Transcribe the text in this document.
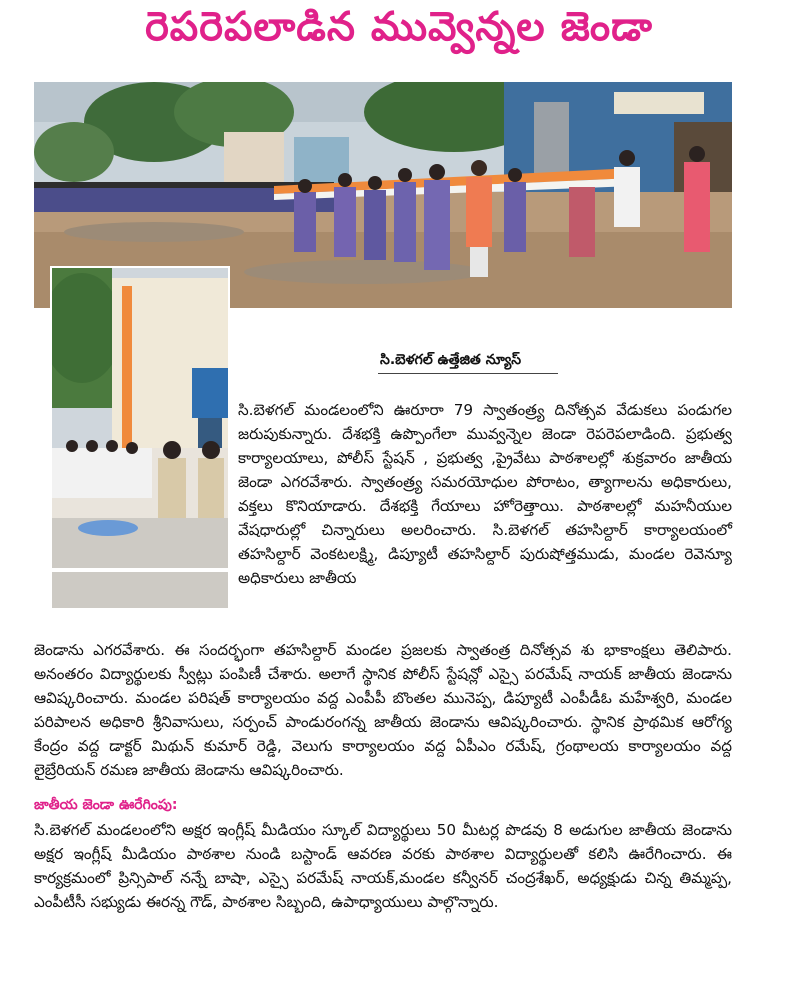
రెపరెపలాడిన మువ్వెన్నల జెండా
సి.బెళగల్ ఉత్తేజిత న్యూస్

సి.బెళగల్ మండలంలోని ఊరూరా 79 స్వాతంత్ర్య దినోత్సవ వేడుకలు పండుగల జరుపుకున్నారు. దేశభక్తి ఉప్పొంగేలా మువ్వన్నెల జెండా రెపరెపలాడింది. ప్రభుత్వ కార్యాలయాలు, పోలీస్ స్టేషన్ , ప్రభుత్వ ,ప్రైవేటు పాఠశాలల్లో శుక్రవారం జాతీయ జెండా ఎగరవేశారు. స్వాతంత్ర్య సమరయోధుల పోరాటం, త్యాగాలను అధికారులు, వక్తలు కొనియాడారు. దేశభక్తి గేయాలు హోరెత్తాయి. పాఠశాలల్లో మహనీయుల వేషధారుల్లో చిన్నారులు అలరించారు. సి.బెళగల్ తహసిల్దార్ కార్యాలయంలో తహసిల్దార్ వెంకటలక్ష్మి, డిప్యూటీ తహసిల్దార్ పురుషోత్తముడు, మండల రెవెన్యూ అధికారులు జాతీయ

జెండాను ఎగరవేశారు. ఈ సందర్భంగా తహసిల్దార్ మండల ప్రజలకు స్వాతంత్ర దినోత్సవ శు భాకాంక్షలు తెలిపారు. అనంతరం విద్యార్థులకు స్వీట్లు పంపిణీ చేశారు. అలాగే స్థానిక పోలీస్ స్టేషన్లో ఎస్సై పరమేష్ నాయక్ జాతీయ జెండాను ఆవిష్కరించారు. మండల పరిషత్ కార్యాలయం వద్ద ఎంపీపీ బొంతల మునెప్ప, డిప్యూటీ ఎంపీడీఓ మహేశ్వరి, మండల పరిపాలన అధికారి శ్రీనివాసులు, సర్పంచ్ పాండురంగన్న జాతీయ జెండాను ఆవిష్కరించారు. స్థానిక ప్రాథమిక ఆరోగ్య కేంద్రం వద్ద డాక్టర్ మిథున్ కుమార్ రెడ్డి, వెలుగు కార్యాలయం వద్ద ఏపీఎం రమేష్, గ్రంథాలయ కార్యాలయం వద్ద లైబ్రేరియన్ రమణ జాతీయ జెండాను ఆవిష్కరించారు.

జాతీయ జెండా ఊరేగింపు:

సి.బెళగల్ మండలంలోని అక్షర ఇంగ్లీష్ మీడియం స్కూల్ విద్యార్థులు 50 మీటర్ల పొడవు 8 అడుగుల జాతీయ జెండాను అక్షర ఇంగ్లీష్ మీడియం పాఠశాల నుండి బస్టాండ్ ఆవరణ వరకు పాఠశాల విద్యార్థులతో కలిసి ఊరేగించారు. ఈ కార్యక్రమంలో ప్రిన్సిపాల్ నన్నే బాషా, ఎస్సై పరమేష్ నాయక్,మండల కన్వీనర్ చంద్రశేఖర్, అధ్యక్షుడు చిన్న తిమ్మప్ప, ఎంపీటీసీ సభ్యుడు ఈరన్న గౌడ్, పాఠశాల సిబ్బంది, ఉపాధ్యాయులు పాల్గొన్నారు.
